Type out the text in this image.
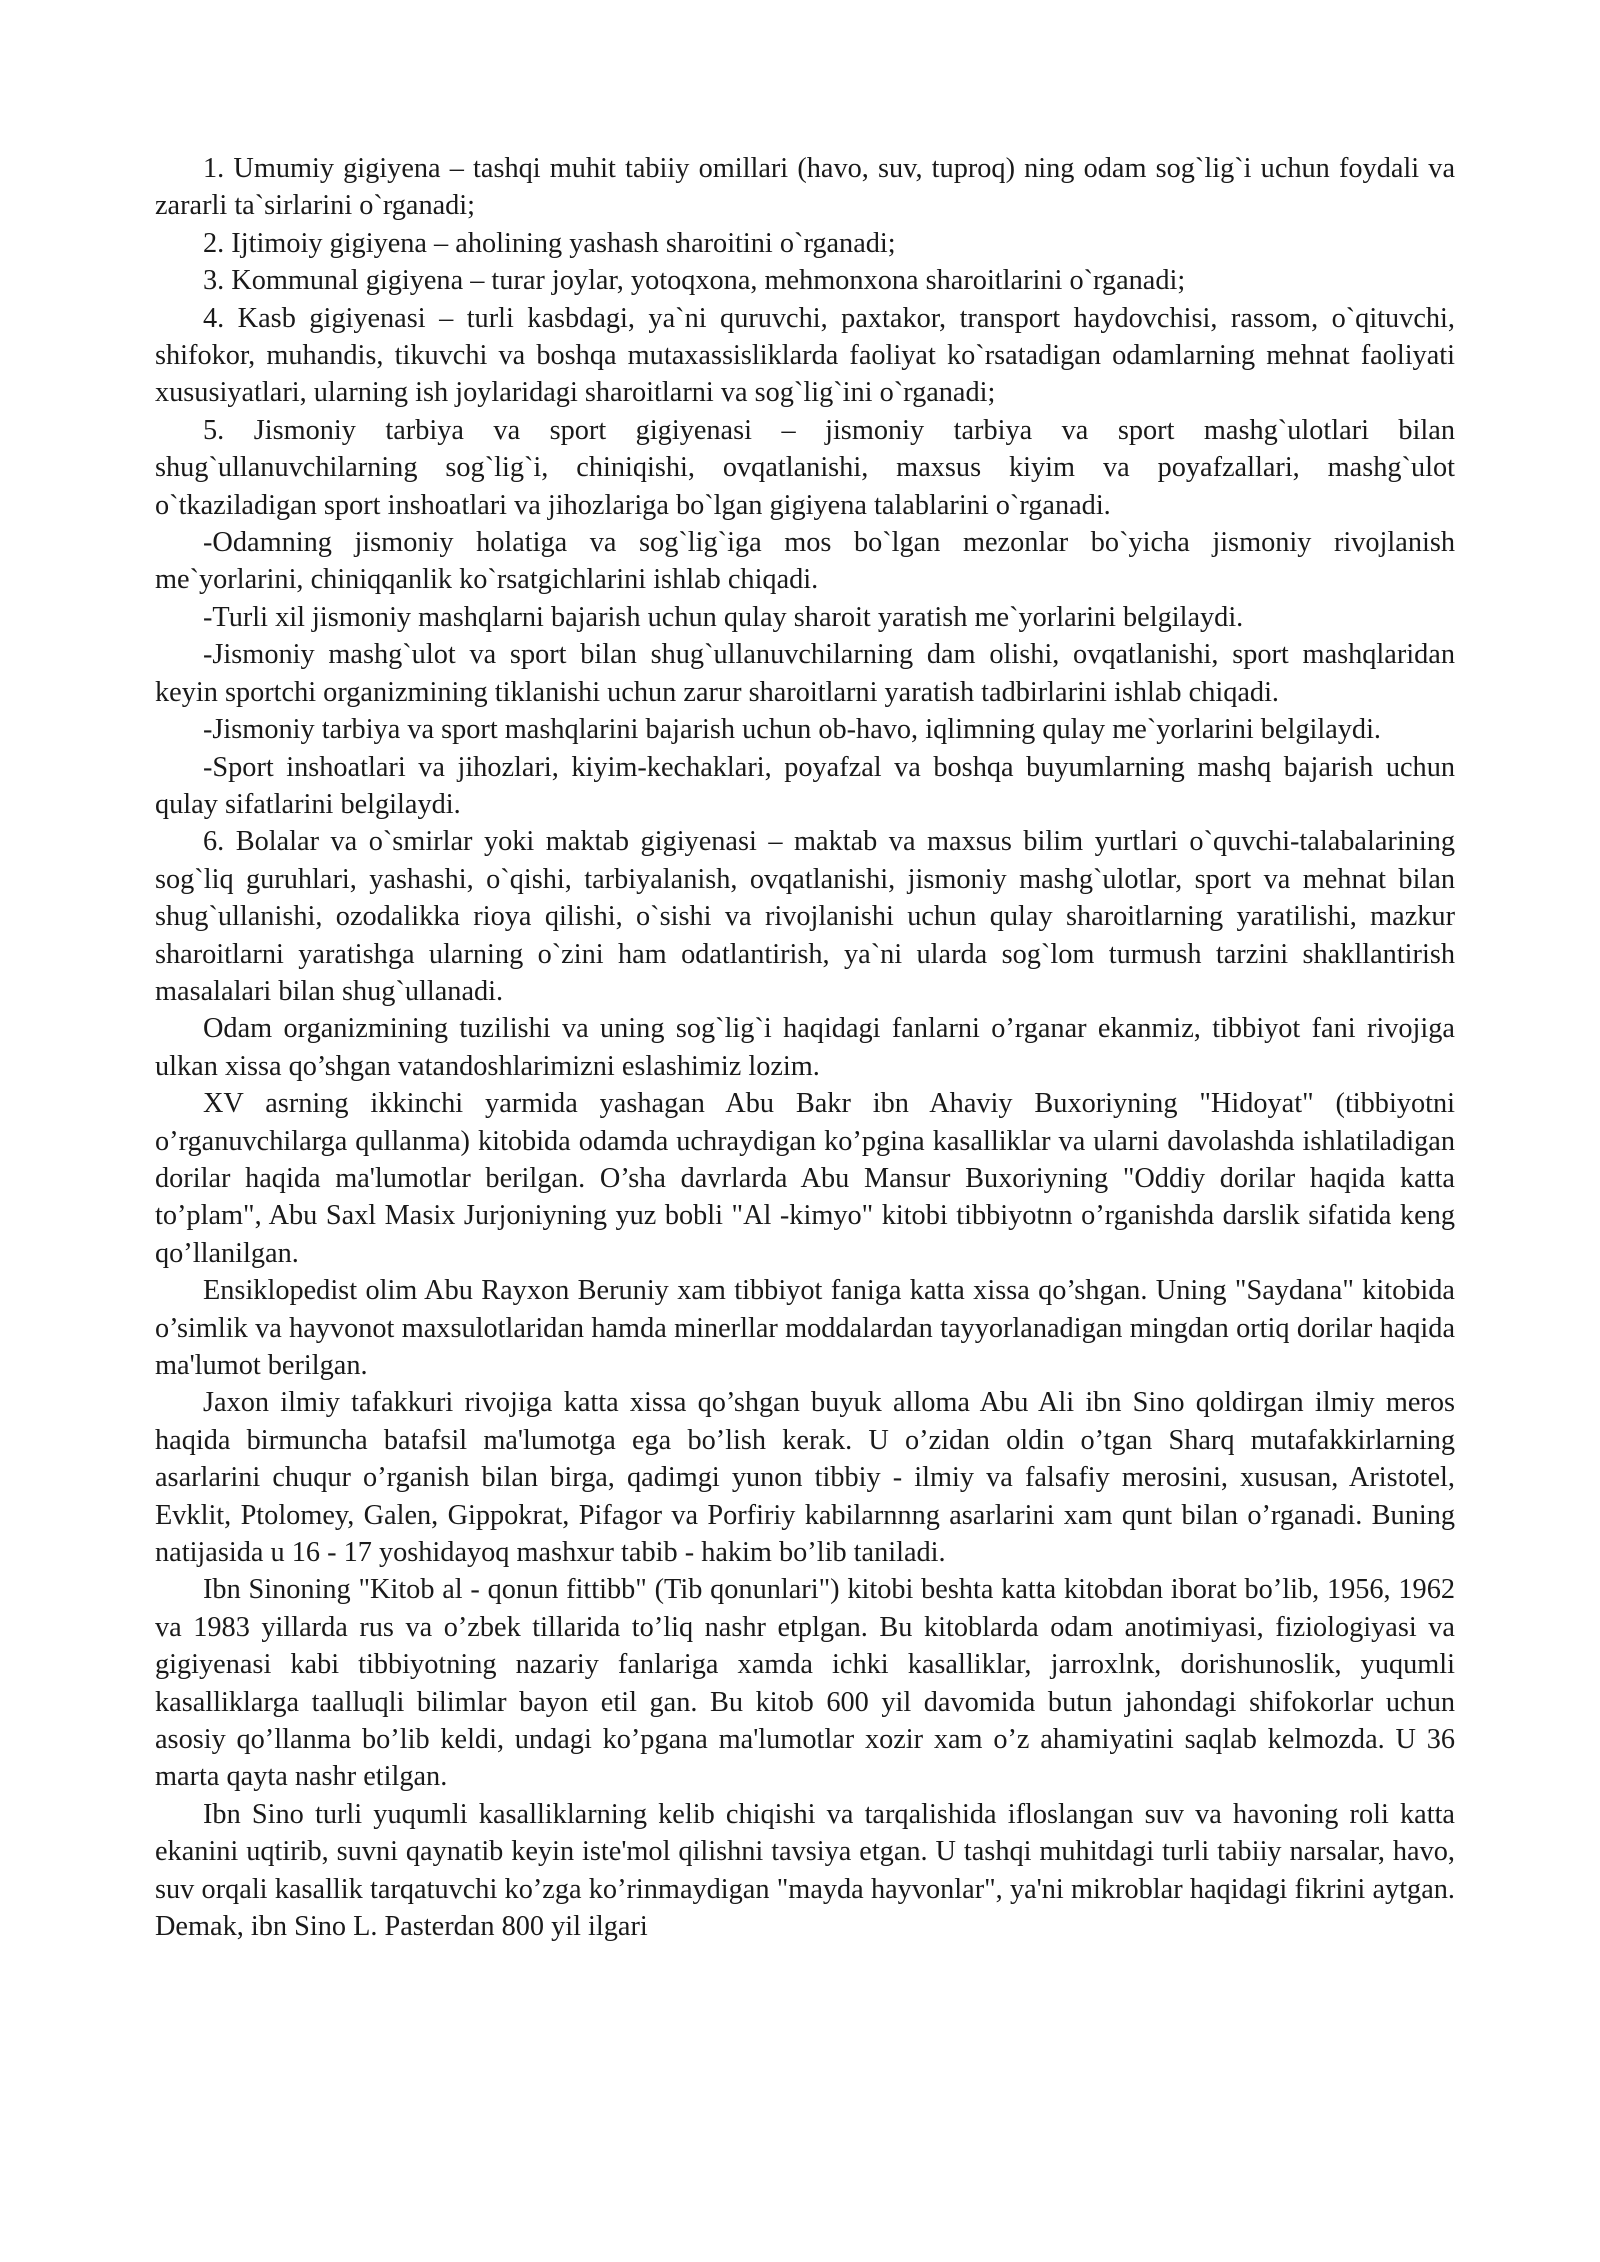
1. Umumiy gigiyena – tashqi muhit tabiiy omillari (havo, suv, tuproq) ning odam sog`lig`i uchun foydali va zararli ta`sirlarini o`rganadi;

2. Ijtimoiy gigiyena – aholining yashash sharoitini o`rganadi;

3. Kommunal gigiyena – turar joylar, yotoqxona, mehmonxona sharoitlarini o`rganadi;

4. Kasb gigiyenasi – turli kasbdagi, ya`ni quruvchi, paxtakor, transport haydovchisi, rassom, o`qituvchi, shifokor, muhandis, tikuvchi va boshqa mutaxassisliklarda faoliyat ko`rsatadigan odamlarning mehnat faoliyati xususiyatlari, ularning ish joylaridagi sharoitlarni va sog`lig`ini o`rganadi;

5. Jismoniy tarbiya va sport gigiyenasi – jismoniy tarbiya va sport mashg`ulotlari bilan shug`ullanuvchilarning sog`lig`i, chiniqishi, ovqatlanishi, maxsus kiyim va poyafzallari, mashg`ulot o`tkaziladigan sport inshoatlari va jihozlariga bo`lgan gigiyena talablarini o`rganadi.

-Odamning jismoniy holatiga va sog`lig`iga mos bo`lgan mezonlar bo`yicha jismoniy rivojlanish me`yorlarini, chiniqqanlik ko`rsatgichlarini ishlab chiqadi.

-Turli xil jismoniy mashqlarni bajarish uchun qulay sharoit yaratish me`yorlarini belgilaydi.

-Jismoniy mashg`ulot va sport bilan shug`ullanuvchilarning dam olishi, ovqatlanishi, sport mashqlaridan keyin sportchi organizmining tiklanishi uchun zarur sharoitlarni yaratish tadbirlarini ishlab chiqadi.

-Jismoniy tarbiya va sport mashqlarini bajarish uchun ob-havo, iqlimning qulay me`yorlarini belgilaydi.

-Sport inshoatlari va jihozlari, kiyim-kechaklari, poyafzal va boshqa buyumlarning mashq bajarish uchun qulay sifatlarini belgilaydi.

6. Bolalar va o`smirlar yoki maktab gigiyenasi – maktab va maxsus bilim yurtlari o`quvchi-talabalarining sog`liq guruhlari, yashashi, o`qishi, tarbiyalanish, ovqatlanishi, jismoniy mashg`ulotlar, sport va mehnat bilan shug`ullanishi, ozodalikka rioya qilishi, o`sishi va rivojlanishi uchun qulay sharoitlarning yaratilishi, mazkur sharoitlarni yaratishga ularning o`zini ham odatlantirish, ya`ni ularda sog`lom turmush tarzini shakllantirish masalalari bilan shug`ullanadi.

Odam organizmining tuzilishi va uning sog`lig`i haqidagi fanlarni o’rganar ekanmiz, tibbiyot fani rivojiga ulkan xissa qo’shgan vatandoshlarimizni eslashimiz lozim.

XV asrning ikkinchi yarmida yashagan Abu Bakr ibn Ahaviy Buxoriyning "Hidoyat" (tibbiyotni o’rganuvchilarga qullanma) kitobida odamda uchraydigan ko’pgina kasalliklar va ularni davolashda ishlatiladigan dorilar haqida ma'lumotlar berilgan. O’sha davrlarda Abu Mansur Buxoriyning "Oddiy dorilar haqida katta to’plam", Abu Saxl Masix Jurjoniyning yuz bobli "Al -kimyo" kitobi tibbiyotnn o’rganishda darslik sifatida keng qo’llanilgan.

Ensiklopedist olim Abu Rayxon Beruniy xam tibbiyot faniga katta xissa qo’shgan. Uning "Saydana" kitobida o’simlik va hayvonot maxsulotlaridan hamda minerllar moddalardan tayyorlanadigan mingdan ortiq dorilar haqida ma'lumot berilgan.

Jaxon ilmiy tafakkuri rivojiga katta xissa qo’shgan buyuk alloma Abu Ali ibn Sino qoldirgan ilmiy meros haqida birmuncha batafsil ma'lumotga ega bo’lish kerak. U o’zidan oldin o’tgan Sharq mutafakkirlarning asarlarini chuqur o’rganish bilan birga, qadimgi yunon tibbiy - ilmiy va falsafiy merosini, xususan, Aristotel, Evklit, Ptolomey, Galen, Gippokrat, Pifagor va Porfiriy kabilarnnng asarlarini xam qunt bilan o’rganadi. Buning natijasida u 16 - 17 yoshidayoq mashxur tabib - hakim bo’lib taniladi.

Ibn Sinoning "Kitob al - qonun fittibb" (Tib qonunlari") kitobi beshta katta kitobdan iborat bo’lib, 1956, 1962 va 1983 yillarda rus va o’zbek tillarida to’liq nashr etplgan. Bu kitoblarda odam anotimiyasi, fiziologiyasi va gigiyenasi kabi tibbiyotning nazariy fanlariga xamda ichki kasalliklar, jarroxlnk, dorishunoslik, yuqumli kasalliklarga taalluqli bilimlar bayon etil gan. Bu kitob 600 yil davomida butun jahondagi shifokorlar uchun asosiy qo’llanma bo’lib keldi, undagi ko’pgana ma'lumotlar xozir xam o’z ahamiyatini saqlab kelmozda. U 36 marta qayta nashr etilgan.

Ibn Sino turli yuqumli kasalliklarning kelib chiqishi va tarqalishida ifloslangan suv va havoning roli katta ekanini uqtirib, suvni qaynatib keyin iste'mol qilishni tavsiya etgan. U tashqi muhitdagi turli tabiiy narsalar, havo, suv orqali kasallik tarqatuvchi ko’zga ko’rinmaydigan "mayda hayvonlar", ya'ni mikroblar haqidagi fikrini aytgan. Demak, ibn Sino L. Pasterdan 800 yil ilgari
